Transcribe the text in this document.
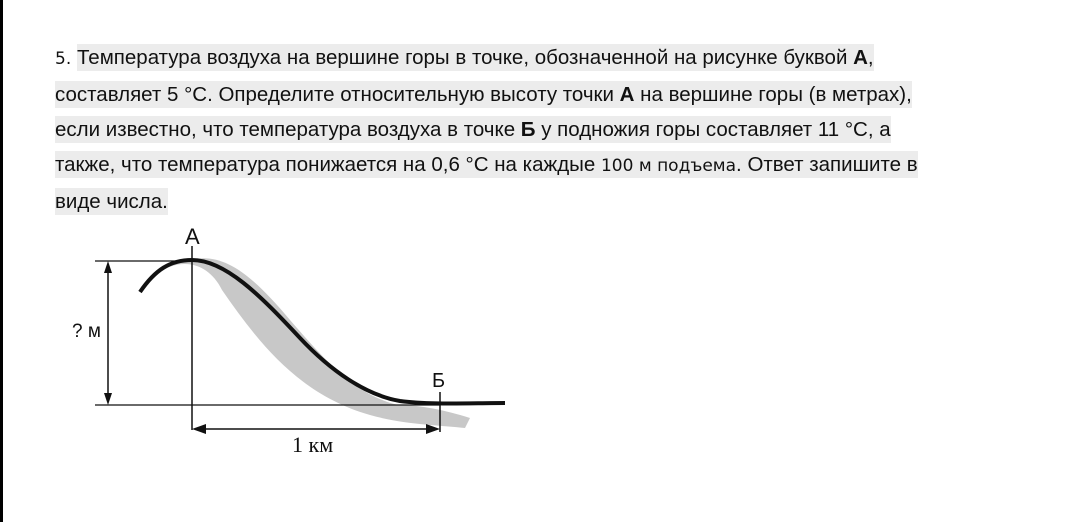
5. Температура воздуха на вершине горы в точке, обозначенной на рисунке буквой А,
составляет 5 °С. Определите относительную высоту точки А на вершине горы (в метрах),
если известно, что температура воздуха в точке Б у подножия горы составляет 11 °С, а
также, что температура понижается на 0,6 °С на каждые 100 м подъема. Ответ запишите в
виде числа.
А
Б
? м
1 км
